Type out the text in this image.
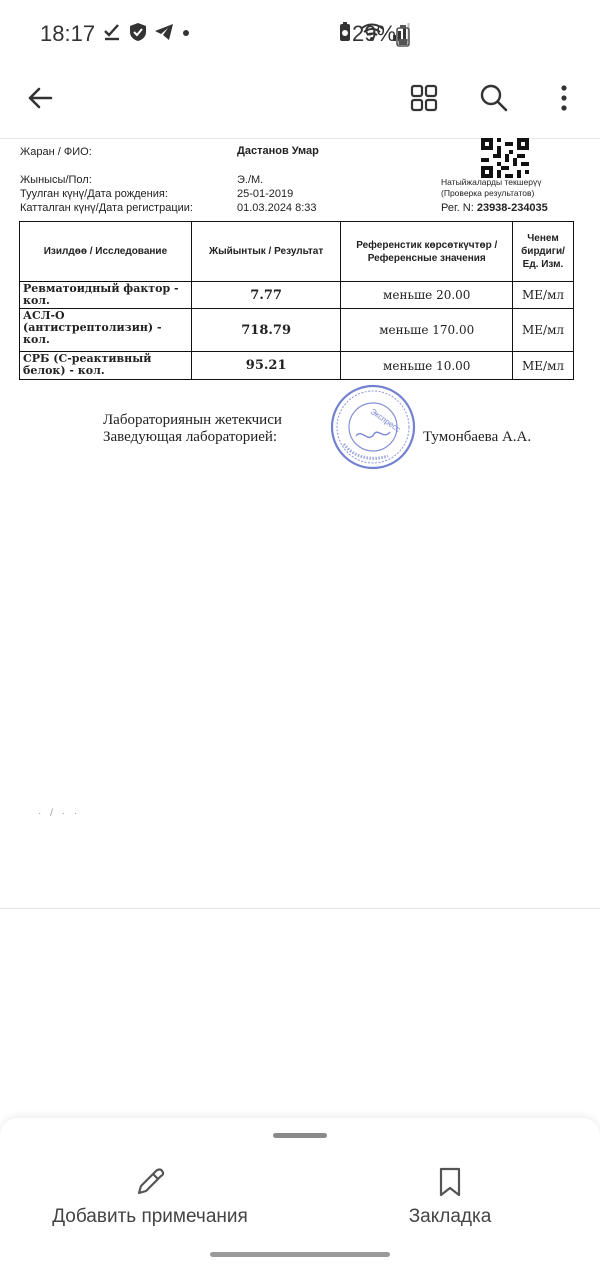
18:17	29%
Жаран / ФИО:	Дастанов Умар
Жынысы/Пол:	Э./М.
Туулган күнү/Дата рождения:	25-01-2019
Катталган күнү/Дата регистрации:	01.03.2024 8:33
Натыйжаларды текшерүү
(Проверка результатов)
Рег. N: 23938-234035
Изилдөө / Исследование	Жыйынтык / Результат	Референстик көрсөткүчтөр / Референсные значения	Ченем бирдиги/ Ед. Изм.
Ревматоидный фактор - кол.	7.77	меньше 20.00	МЕ/мл
АСЛ-О (антистрептолизин) - кол.	718.79	меньше 170.00	МЕ/мл
СРБ (С-реактивный белок) - кол.	95.21	меньше 10.00	МЕ/мл
Лабораториянын жетекчиси
Заведующая лабораторией:	Тумонбаева А.А.
Экспресс
· / · ·
Добавить примечания	Закладка
